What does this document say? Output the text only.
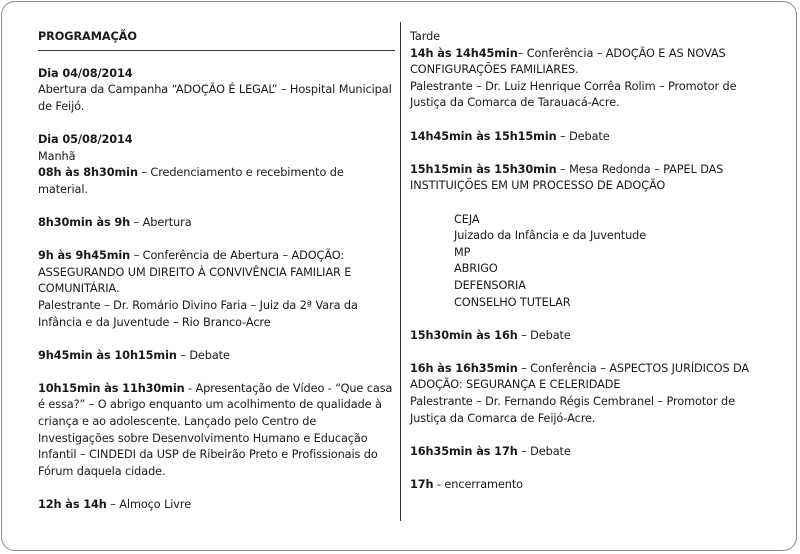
PROGRAMAÇÃO

Dia 04/08/2014

Abertura da Campanha “ADOÇÃO É LEGAL” – Hospital Municipal de Feijó.

Dia 05/08/2014

Manhã

08h às 8h30min – Credenciamento e recebimento de material.

8h30min às 9h – Abertura

9h às 9h45min – Conferência de Abertura – ADOÇÃO: ASSEGURANDO UM DIREITO À CONVIVÊNCIA FAMILIAR E COMUNITÁRIA.

Palestrante – Dr. Romário Divino Faria – Juiz da 2ª Vara da Infância e da Juventude – Rio Branco-Acre

9h45min às 10h15min – Debate

10h15min às 11h30min - Apresentação de Vídeo - “Que casa é essa?” – O abrigo enquanto um acolhimento de qualidade à criança e ao adolescente. Lançado pelo Centro de Investigações sobre Desenvolvimento Humano e Educação Infantil – CINDEDI da USP de Ribeirão Preto e Profissionais do Fórum daquela cidade.

12h às 14h – Almoço Livre

Tarde

14h às 14h45min– Conferência – ADOÇÃO E AS NOVAS CONFIGURAÇÕES FAMILIARES.

Palestrante – Dr. Luiz Henrique Corrêa Rolim – Promotor de Justiça da Comarca de Tarauacá-Acre.

14h45min às 15h15min – Debate

15h15min às 15h30min – Mesa Redonda – PAPEL DAS INSTITUIÇÕES EM UM PROCESSO DE ADOÇÃO

CEJA

Juizado da Infância e da Juventude

MP

ABRIGO

DEFENSORIA

CONSELHO TUTELAR

15h30min às 16h – Debate

16h às 16h35min – Conferência – ASPECTOS JURÍDICOS DA ADOÇÃO: SEGURANÇA E CELERIDADE

Palestrante – Dr. Fernando Régis Cembranel – Promotor de Justiça da Comarca de Feijó-Acre.

16h35min às 17h – Debate

17h - encerramento
